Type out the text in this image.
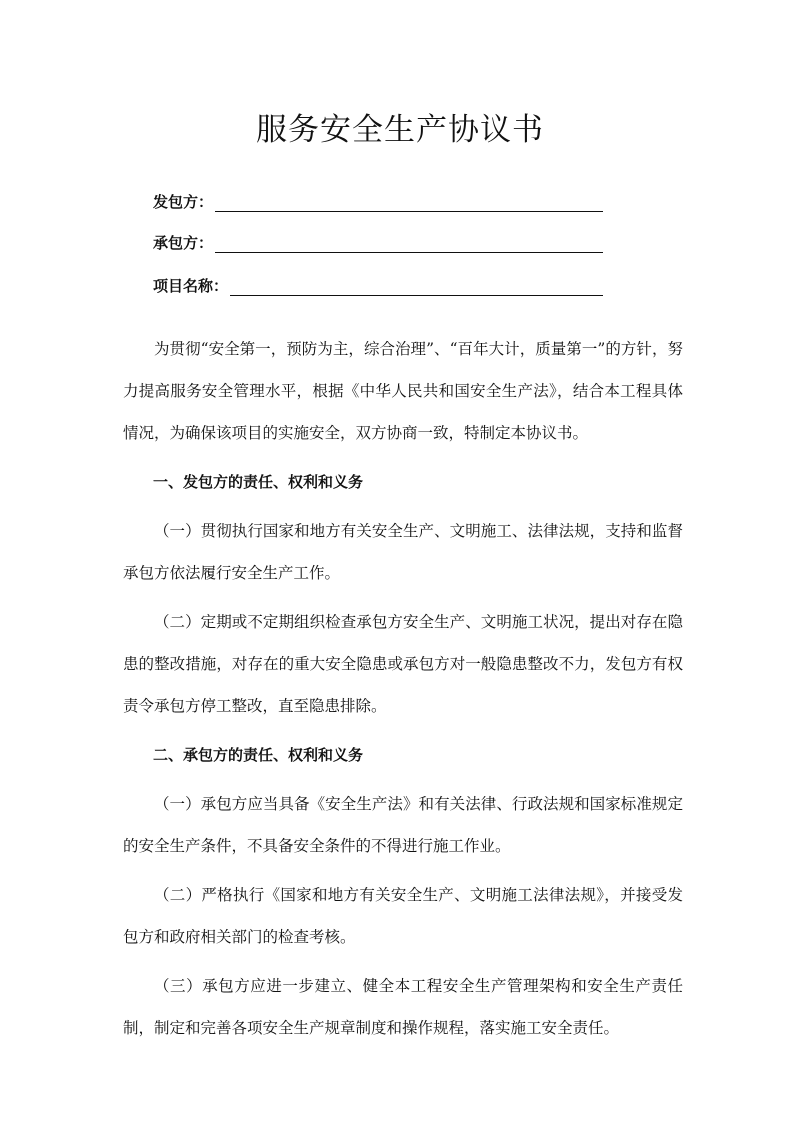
服务安全生产协议书
发包方：
承包方：
项目名称：

为贯彻“安全第一，预防为主，综合治理”、“百年大计，质量第一”的方针，努力提高服务安全管理水平，根据《中华人民共和国安全生产法》，结合本工程具体情况，为确保该项目的实施安全，双方协商一致，特制定本协议书。

一、发包方的责任、权利和义务

（一）贯彻执行国家和地方有关安全生产、文明施工、法律法规，支持和监督承包方依法履行安全生产工作。

（二）定期或不定期组织检查承包方安全生产、文明施工状况，提出对存在隐患的整改措施，对存在的重大安全隐患或承包方对一般隐患整改不力，发包方有权责令承包方停工整改，直至隐患排除。

二、承包方的责任、权利和义务

（一）承包方应当具备《安全生产法》和有关法律、行政法规和国家标准规定的安全生产条件，不具备安全条件的不得进行施工作业。

（二）严格执行《国家和地方有关安全生产、文明施工法律法规》，并接受发包方和政府相关部门的检查考核。

（三）承包方应进一步建立、健全本工程安全生产管理架构和安全生产责任制，制定和完善各项安全生产规章制度和操作规程，落实施工安全责任。
